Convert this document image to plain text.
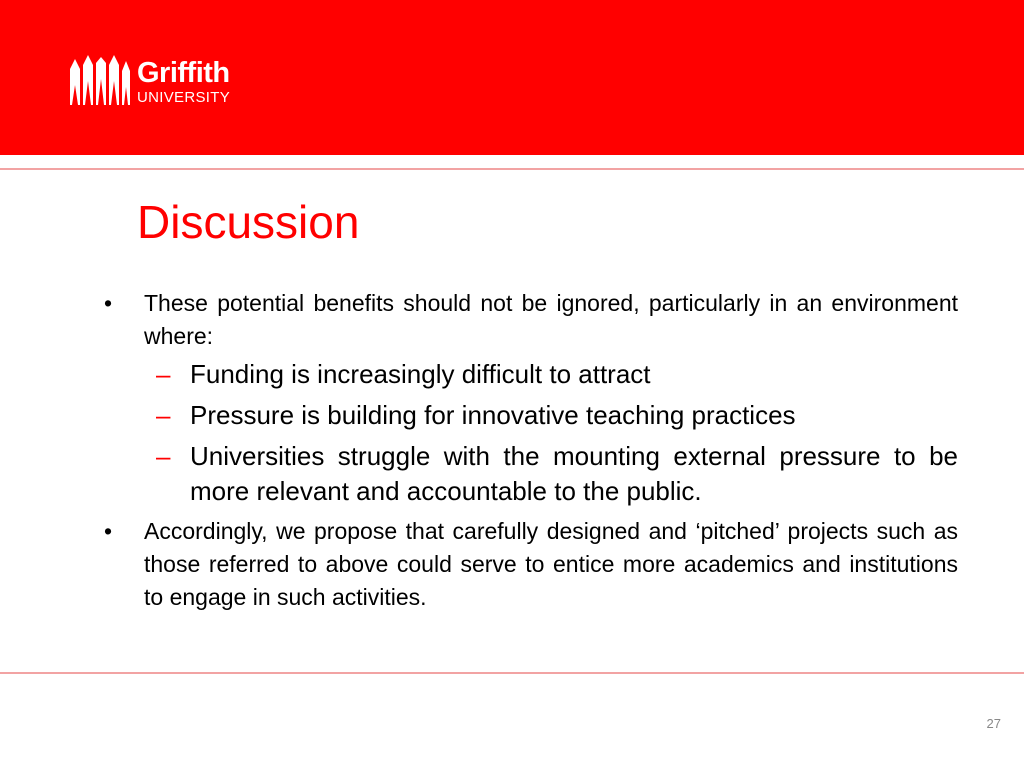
Griffith
UNIVERSITY
Discussion
•	These potential benefits should not be ignored, particularly in an environment where:
– Funding is increasingly difficult to attract
– Pressure is building for innovative teaching practices
– Universities struggle with the mounting external pressure to be more relevant and accountable to the public.
•	Accordingly, we propose that carefully designed and ‘pitched’ projects such as those referred to above could serve to entice more academics and institutions to engage in such activities.
27
